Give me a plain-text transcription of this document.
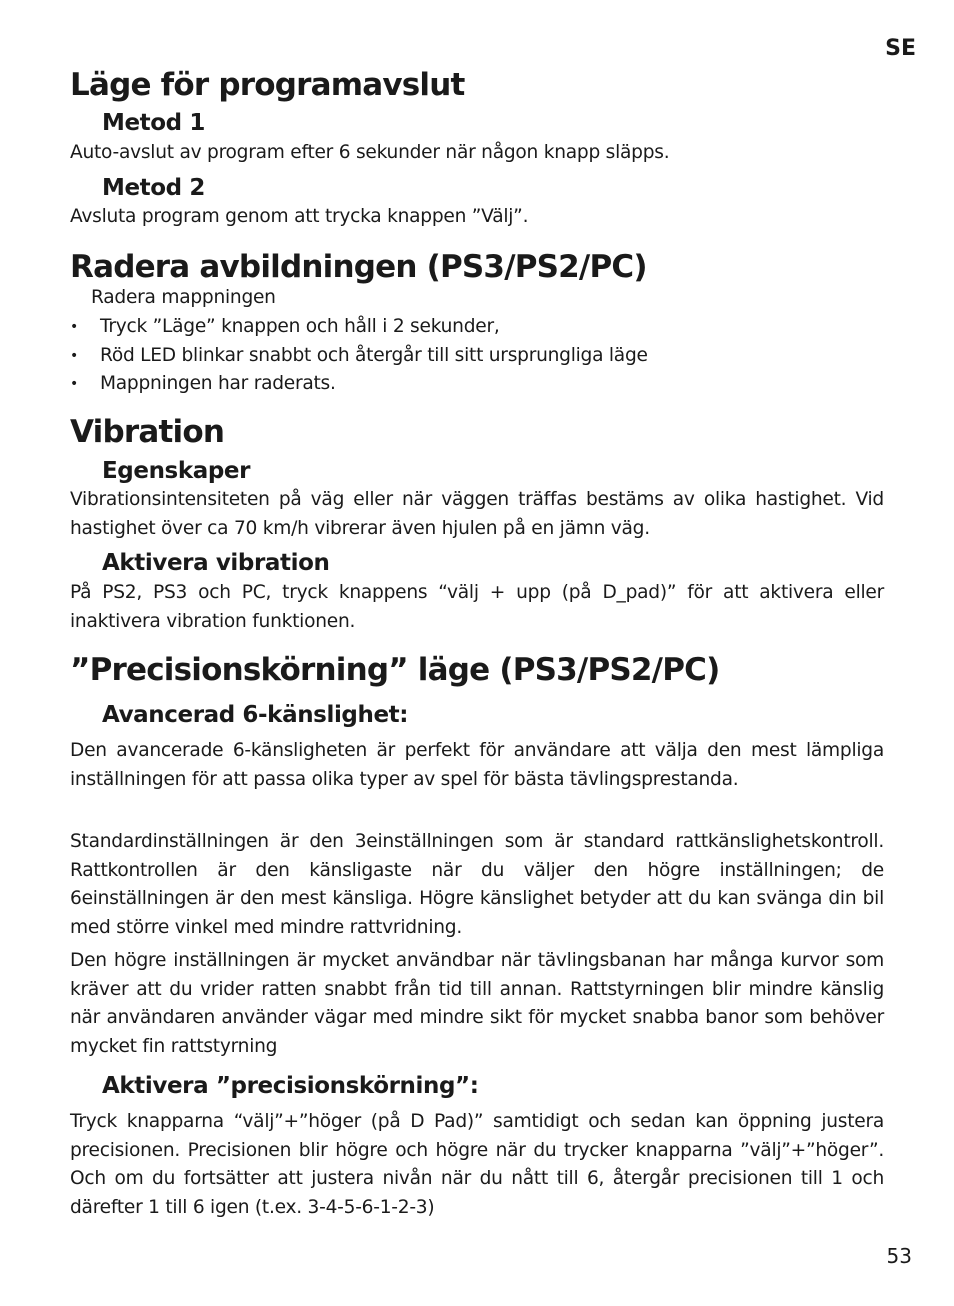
SE
Läge för programavslut
Metod 1

Auto-avslut av program efter 6 sekunder när någon knapp släpps.

Metod 2

Avsluta program genom att trycka knappen ”Välj”.

Radera avbildningen (PS3/PS2/PC)
Radera mappningen
• Tryck ”Läge” knappen och håll i 2 sekunder,
• Röd LED blinkar snabbt och återgår till sitt ursprungliga läge
• Mappningen har raderats.
Vibration
Egenskaper

Vibrationsintensiteten på väg eller när väggen träffas bestäms av olika hastighet. Vid hastighet över ca 70 km/h vibrerar även hjulen på en jämn väg.

Aktivera vibration

På PS2, PS3 och PC, tryck knappens “välj + upp (på D_pad)” för att aktivera eller inaktivera vibration funktionen.

”Precisionskörning” läge (PS3/PS2/PC)
Avancerad 6-känslighet:

Den avancerade 6-känsligheten är perfekt för användare att välja den mest lämpliga inställningen för att passa olika typer av spel för bästa tävlingsprestanda.

Standardinställningen är den 3einställningen som är standard rattkänslighetskontroll. Rattkontrollen är den känsligaste när du väljer den högre inställningen; de 6einställningen är den mest känsliga. Högre känslighet betyder att du kan svänga din bil med större vinkel med mindre rattvridning.

Den högre inställningen är mycket användbar när tävlingsbanan har många kurvor som kräver att du vrider ratten snabbt från tid till annan. Rattstyrningen blir mindre känslig när användaren använder vägar med mindre sikt för mycket snabba banor som behöver mycket fin rattstyrning

Aktivera ”precisionskörning”:

Tryck knapparna “välj”+”höger (på D Pad)” samtidigt och sedan kan öppning justera precisionen. Precisionen blir högre och högre när du trycker knapparna ”välj”+”höger”. Och om du fortsätter att justera nivån när du nått till 6, återgår precisionen till 1 och därefter 1 till 6 igen (t.ex. 3-4-5-6-1-2-3)

53
